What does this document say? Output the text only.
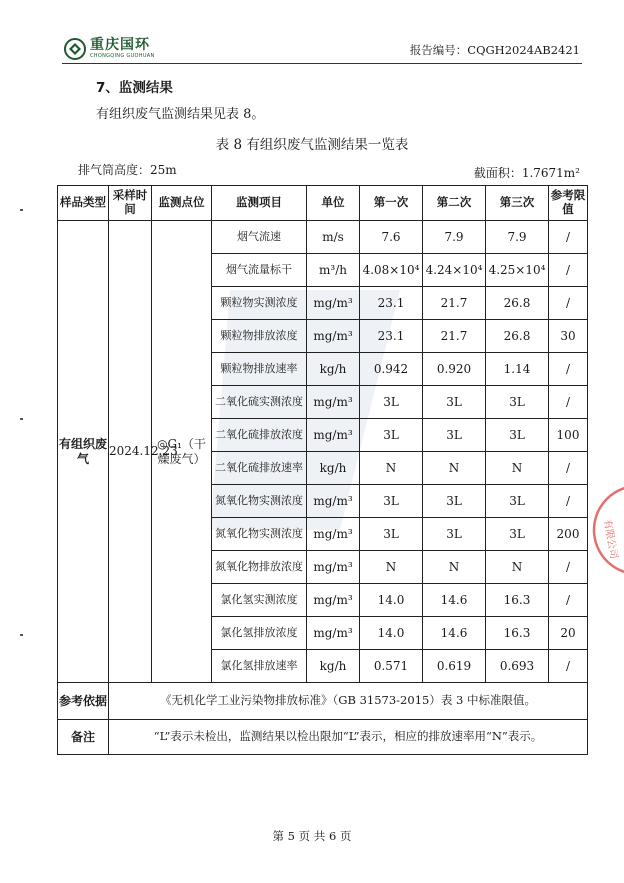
重庆国环
CHONGQING GUOHUAN	报告编号：CQGH2024AB2421
7、监测结果
有组织废气监测结果见表 8。
表 8 有组织废气监测结果一览表
排气筒高度：25m	截面积：1.7671m²
样品类型	采样时间	监测点位	监测项目	单位	第一次	第二次	第三次	参考限值
有组织废气	2024.12.23	◎G₁（干燥废气）	烟气流速	m/s	7.6	7.9	7.9	/
			烟气流量标干	m³/h	4.08×10⁴	4.24×10⁴	4.25×10⁴	/
			颗粒物实测浓度	mg/m³	23.1	21.7	26.8	/
			颗粒物排放浓度	mg/m³	23.1	21.7	26.8	30
			颗粒物排放速率	kg/h	0.942	0.920	1.14	/
			二氧化硫实测浓度	mg/m³	3L	3L	3L	/
			二氧化硫排放浓度	mg/m³	3L	3L	3L	100
			二氧化硫排放速率	kg/h	N	N	N	/
			氮氧化物实测浓度	mg/m³	3L	3L	3L	/
			氮氧化物实测浓度	mg/m³	3L	3L	3L	200
			氮氧化物排放浓度	mg/m³	N	N	N	/
			氯化氢实测浓度	mg/m³	14.0	14.6	16.3	/
			氯化氢排放浓度	mg/m³	14.0	14.6	16.3	20
			氯化氢排放速率	kg/h	0.571	0.619	0.693	/
参考依据	《无机化学工业污染物排放标准》（GB 31573-2015）表 3 中标准限值。							
备注	“L”表示未检出，监测结果以检出限加“L”表示，相应的排放速率用“N”表示。							
有限公司
第 5 页 共 6 页
